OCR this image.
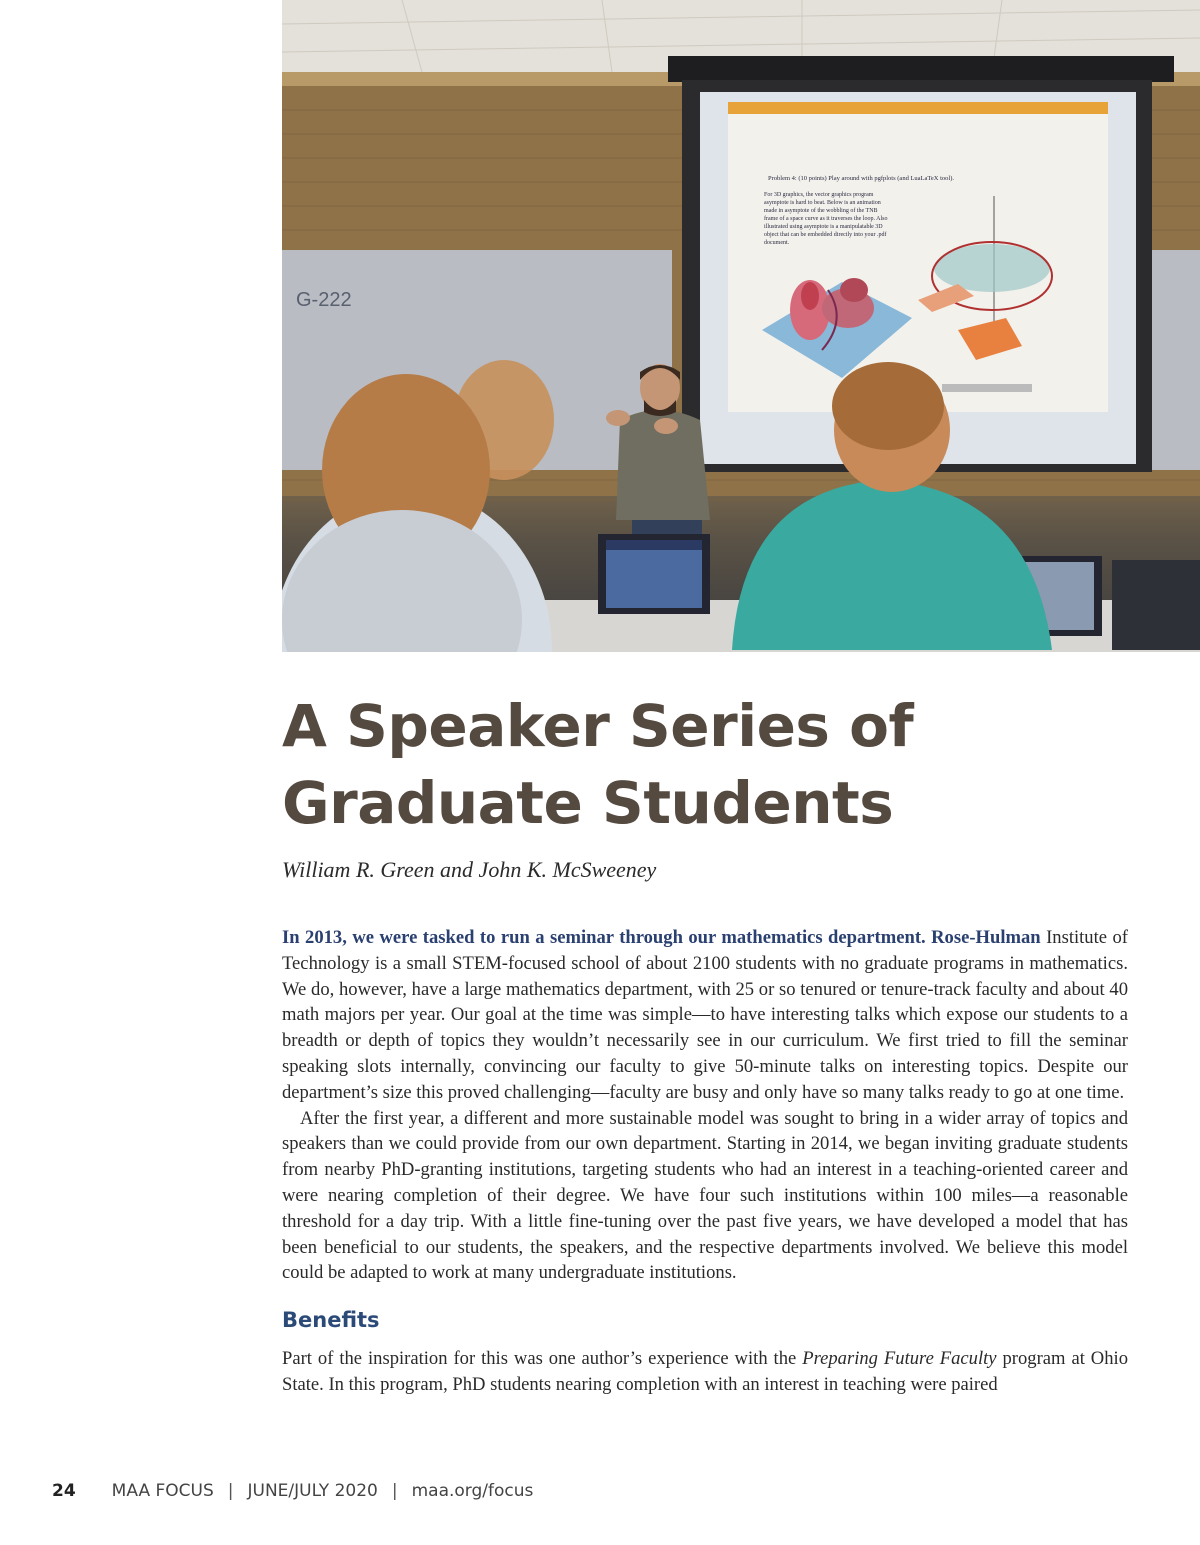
G-222
Problem 4: (10 points) Play around with pgfplots (and LuaLaTeX tool).
For 3D graphics, the vector graphics program
asymptote is hard to beat. Below is an animation
made in asymptote of the wobbling of the TNB
frame of a space curve as it traverses the loop. Also
illustrated using asymptote is a manipulatable 3D
object that can be embedded directly into your .pdf
document.
A Speaker Series of Graduate Students

William R. Green and John K. McSweeney

In 2013, we were tasked to run a seminar through our mathematics department. Rose-Hulman Institute of Technology is a small STEM-focused school of about 2100 students with no graduate programs in mathematics. We do, however, have a large mathematics department, with 25 or so tenured or tenure-track faculty and about 40 math majors per year. Our goal at the time was simple—to have interesting talks which expose our students to a breadth or depth of topics they wouldn’t necessarily see in our curriculum. We first tried to fill the seminar speaking slots internally, convincing our faculty to give 50-minute talks on interesting topics. Despite our department’s size this proved challenging—faculty are busy and only have so many talks ready to go at one time.

After the first year, a different and more sustainable model was sought to bring in a wider array of topics and speakers than we could provide from our own department. Starting in 2014, we began inviting graduate students from nearby PhD-granting institutions, targeting students who had an interest in a teaching-oriented career and were nearing completion of their degree. We have four such institutions within 100 miles—a reasonable threshold for a day trip. With a little fine-tuning over the past five years, we have developed a model that has been beneficial to our students, the speakers, and the respective departments involved. We believe this model could be adapted to work at many undergraduate institutions.

Benefits

Part of the inspiration for this was one author’s experience with the Preparing Future Faculty program at Ohio State. In this program, PhD students nearing completion with an interest in teaching were paired

24 MAA FOCUS | JUNE/JULY 2020 | maa.org/focus
